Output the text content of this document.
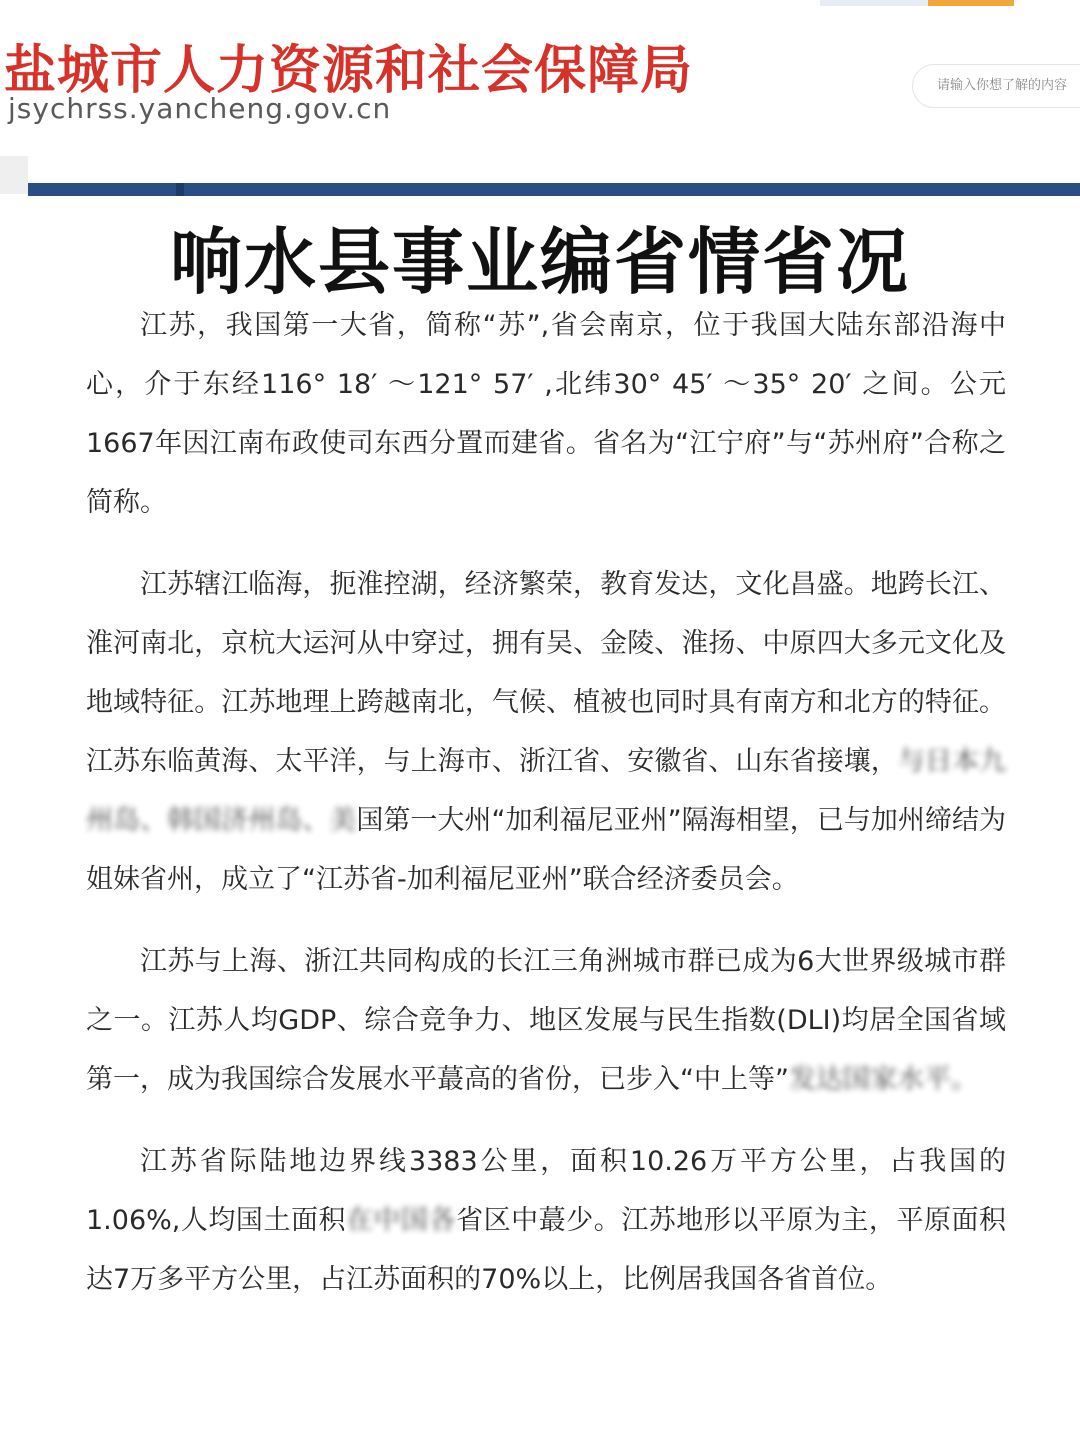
盐城市人力资源和社会保障局
jsychrss.yancheng.gov.cn
请输入你想了解的内容
响水县事业编省情省况

江苏，我国第一大省，简称“苏”,省会南京，位于我国大陆东部沿海中心，介于东经116° 18′ ～121° 57′ ,北纬30° 45′ ～35° 20′ 之间。公元1667年因江南布政使司东西分置而建省。省名为“江宁府”与“苏州府”合称之简称。

江苏辖江临海，扼淮控湖，经济繁荣，教育发达，文化昌盛。地跨长江、淮河南北，京杭大运河从中穿过，拥有吴、金陵、淮扬、中原四大多元文化及地域特征。江苏地理上跨越南北，气候、植被也同时具有南方和北方的特征。江苏东临黄海、太平洋，与上海市、浙江省、安徽省、山东省接壤，与日本九州岛、韩国济州岛、美国第一大州“加利福尼亚州”隔海相望，已与加州缔结为姐妹省州，成立了“江苏省-加利福尼亚州”联合经济委员会。

江苏与上海、浙江共同构成的长江三角洲城市群已成为6大世界级城市群之一。江苏人均GDP、综合竞争力、地区发展与民生指数(DLI)均居全国省域第一，成为我国综合发展水平蕞高的省份，已步入“中上等”发达国家水平。

江苏省际陆地边界线3383公里，面积10.26万平方公里，占我国的1.06%,人均国土面积在中国各省区中蕞少。江苏地形以平原为主，平原面积达7万多平方公里，占江苏面积的70%以上，比例居我国各省首位。
